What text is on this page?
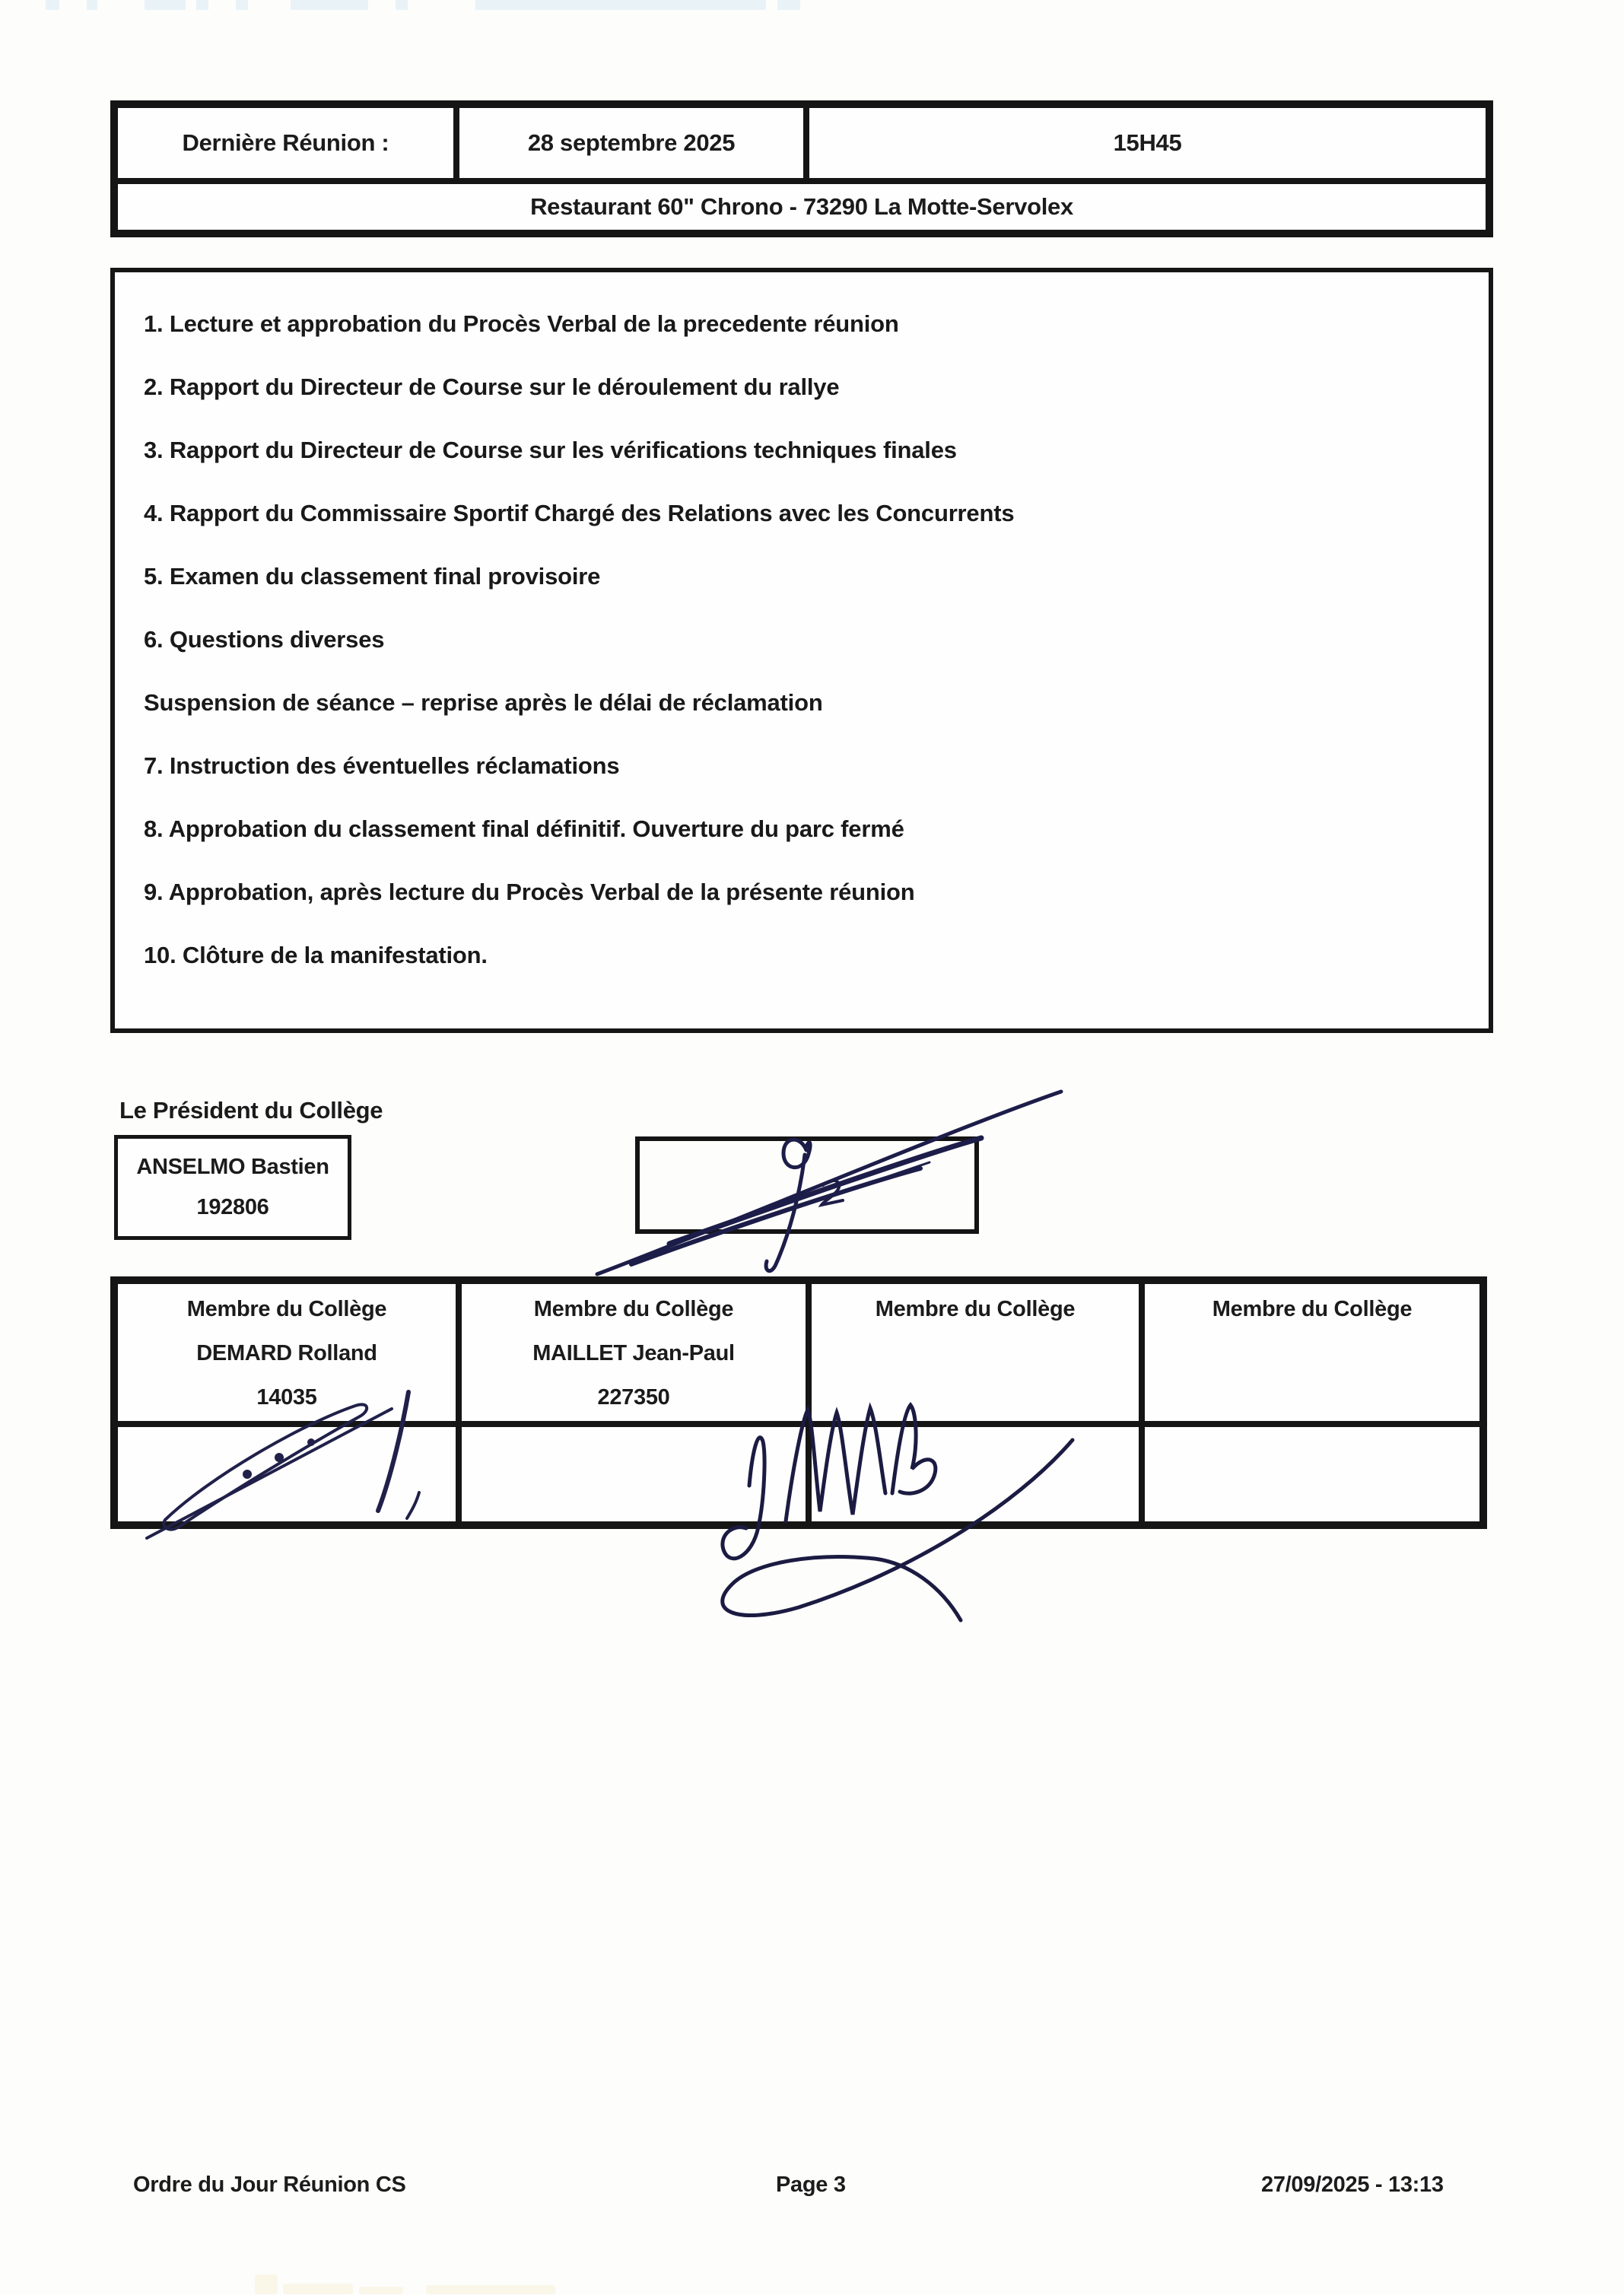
Dernière Réunion :	28 septembre 2025	15H45
Restaurant 60" Chrono - 73290 La Motte-Servolex
1. Lecture et approbation du Procès Verbal de la precedente réunion
2. Rapport du Directeur de Course sur le déroulement du rallye
3. Rapport du Directeur de Course sur les vérifications techniques finales
4. Rapport du Commissaire Sportif Chargé des Relations avec les Concurrents
5. Examen du classement final provisoire
6. Questions diverses
Suspension de séance – reprise après le délai de réclamation
7. Instruction des éventuelles réclamations
8. Approbation du classement final définitif. Ouverture du parc fermé
9. Approbation, après lecture du Procès Verbal de la présente réunion
10. Clôture de la manifestation.
Le Président du Collège
ANSELMO Bastien
192806
Membre du Collège
DEMARD Rolland
14035
Membre du Collège
MAILLET Jean-Paul
227350
Membre du Collège	Membre du Collège
Ordre du Jour Réunion CS	Page 3	27/09/2025 - 13:13
